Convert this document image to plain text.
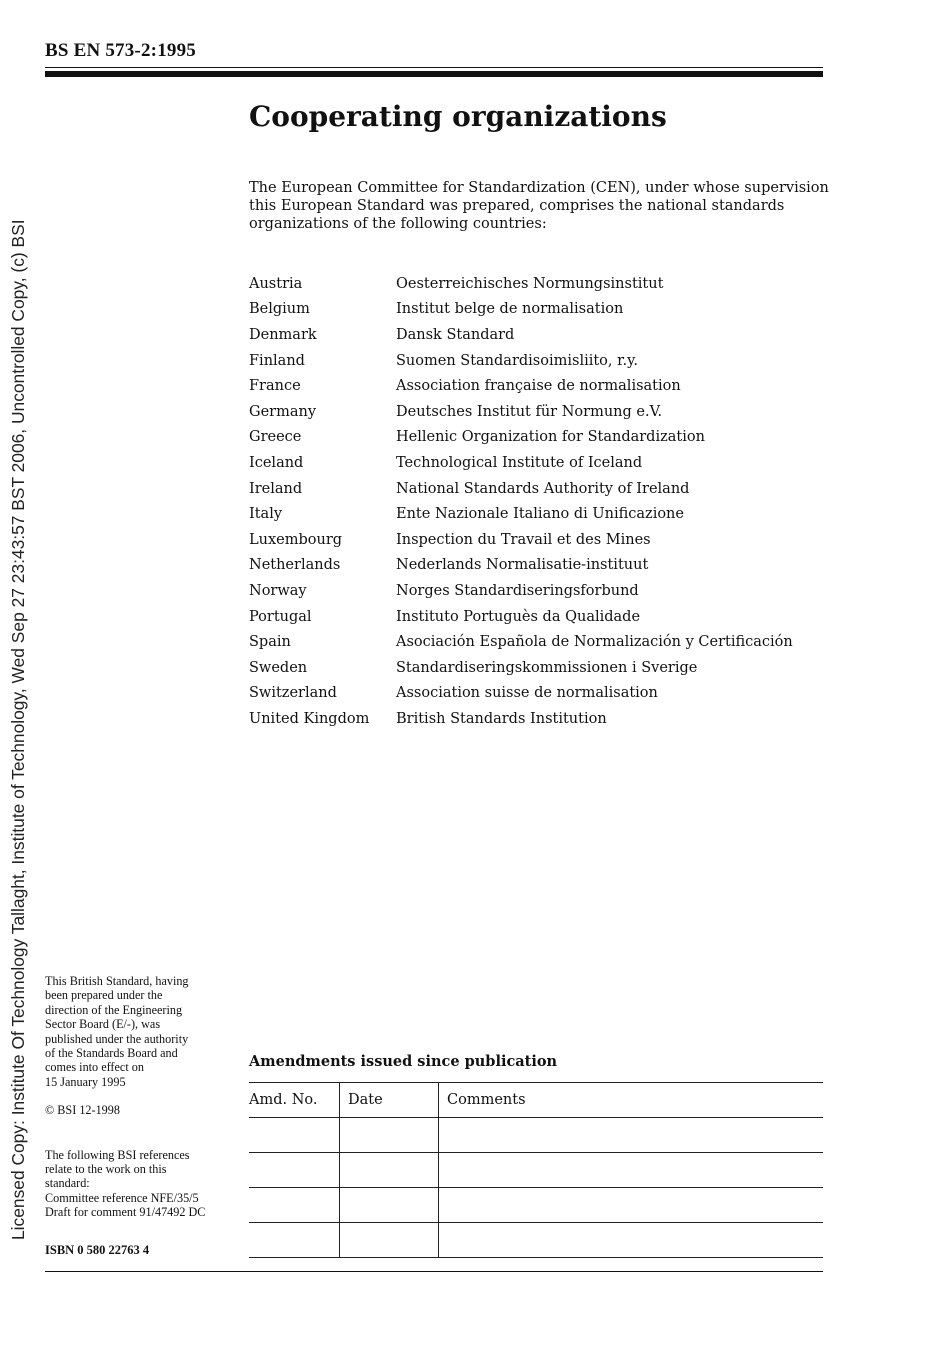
BS EN 573-2:1995
Licensed Copy: Institute Of Technology Tallaght, Institute of Technology, Wed Sep 27 23:43:57 BST 2006, Uncontrolled Copy, (c) BSI
Cooperating organizations

The European Committee for Standardization (CEN), under whose supervision this European Standard was prepared, comprises the national standards organizations of the following countries:

Austria	Oesterreichisches Normungsinstitut
Belgium	Institut belge de normalisation
Denmark	Dansk Standard
Finland	Suomen Standardisoimisliito, r.y.
France	Association française de normalisation
Germany	Deutsches Institut für Normung e.V.
Greece	Hellenic Organization for Standardization
Iceland	Technological Institute of Iceland
Ireland	National Standards Authority of Ireland
Italy	Ente Nazionale Italiano di Unificazione
Luxembourg	Inspection du Travail et des Mines
Netherlands	Nederlands Normalisatie-instituut
Norway	Norges Standardiseringsforbund
Portugal	Instituto Portuguès da Qualidade
Spain	Asociación Española de Normalización y Certificación
Sweden	Standardiseringskommissionen i Sverige
Switzerland	Association suisse de normalisation
United Kingdom	British Standards Institution

This British Standard, having
been prepared under the
direction of the Engineering
Sector Board (E/-), was
published under the authority
of the Standards Board and
comes into effect on
15 January 1995

© BSI 12-1998

The following BSI references
relate to the work on this
standard:
Committee reference NFE/35/5
Draft for comment 91/47492 DC

ISBN 0 580 22763 4
Amendments issued since publication
Amd. No.	Date	Comments
